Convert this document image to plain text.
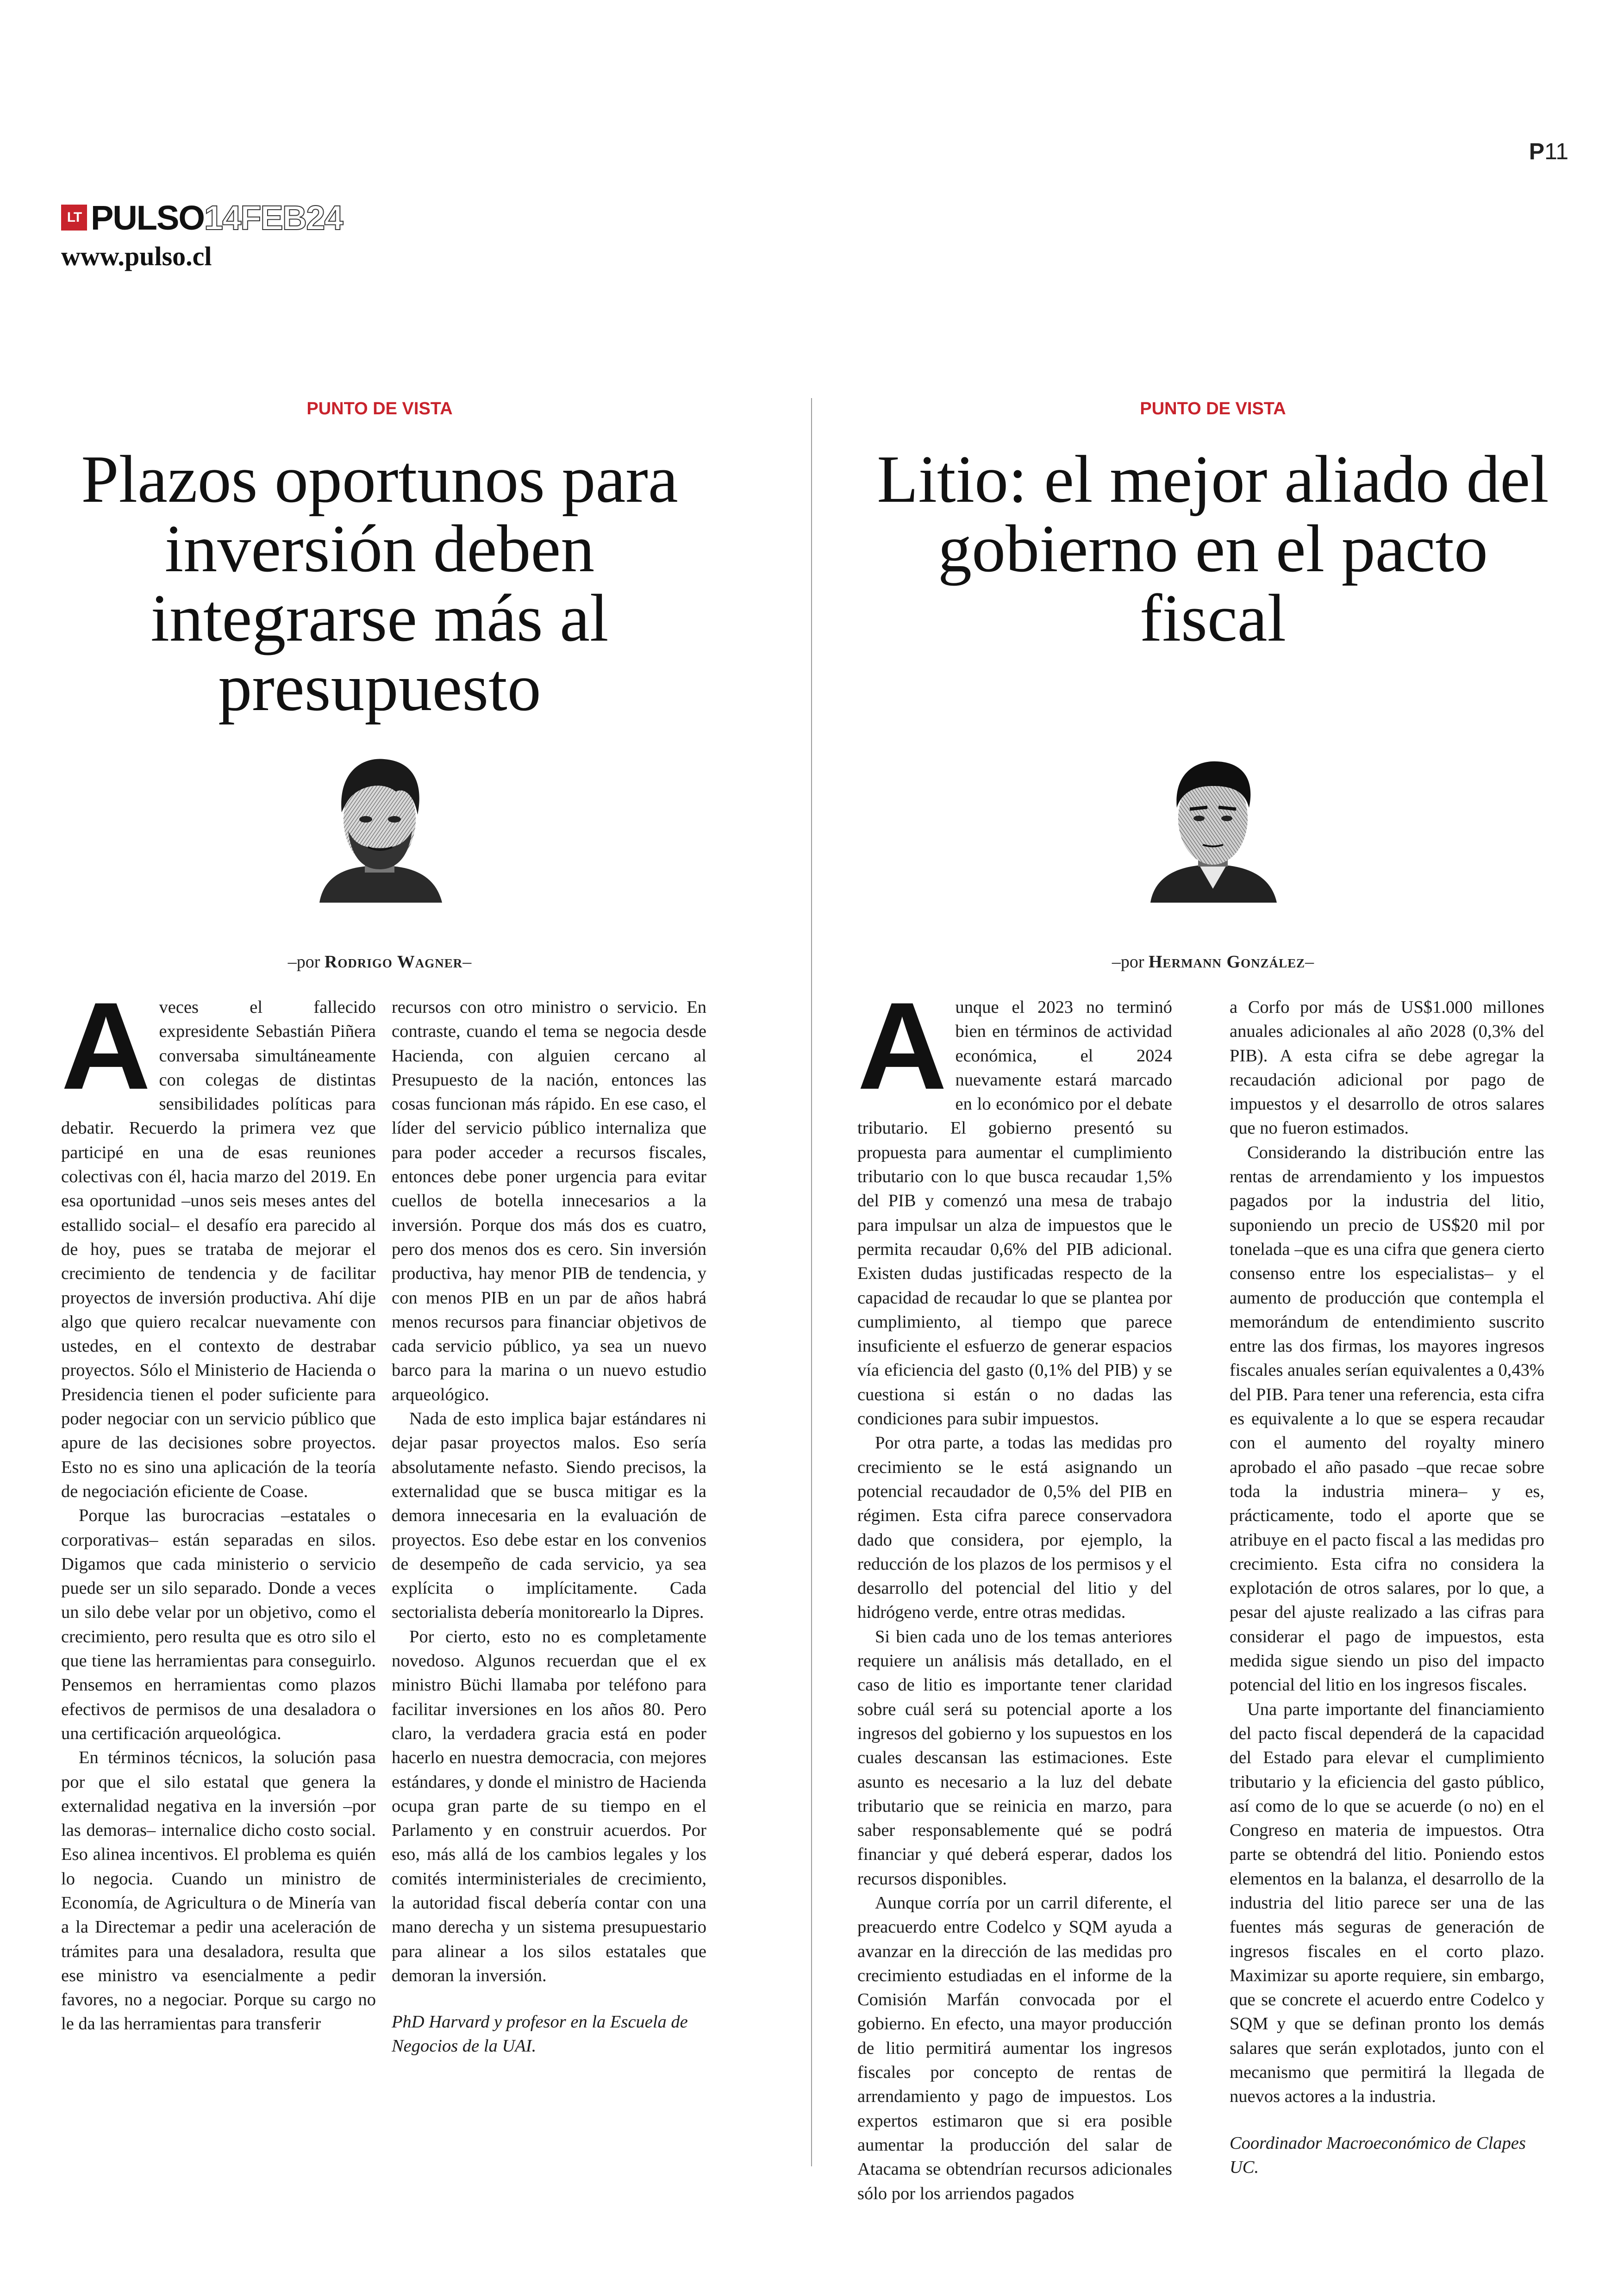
P11
LT PULSO 14FEB24
www.pulso.cl
PUNTO DE VISTA
Plazos oportunos para inversión deben integrarse más al presupuesto
–por Rodrigo Wagner–
A veces el fallecido expresidente Sebastián Piñera conversaba simultáneamente con colegas de distintas sensibilidades políticas para debatir. Recuerdo la primera vez que participé en una de esas reuniones colectivas con él, hacia marzo del 2019. En esa oportunidad –unos seis meses antes del estallido social– el desafío era parecido al de hoy, pues se trataba de mejorar el crecimiento de tendencia y de facilitar proyectos de inversión productiva. Ahí dije algo que quiero recalcar nuevamente con ustedes, en el contexto de destrabar proyectos. Sólo el Ministerio de Hacienda o Presidencia tienen el poder suficiente para poder negociar con un servicio público que apure de las decisiones sobre proyectos. Esto no es sino una aplicación de la teoría de negociación eficiente de Coase.

Porque las burocracias –estatales o corporativas– están separadas en silos. Digamos que cada ministerio o servicio puede ser un silo separado. Donde a veces un silo debe velar por un objetivo, como el crecimiento, pero resulta que es otro silo el que tiene las herramientas para conseguirlo. Pensemos en herramientas como plazos efectivos de permisos de una desaladora o una certificación arqueológica.

En términos técnicos, la solución pasa por que el silo estatal que genera la externalidad negativa en la inversión –por las demoras– internalice dicho costo social. Eso alinea incentivos. El problema es quién lo negocia. Cuando un ministro de Economía, de Agricultura o de Minería van a la Directemar a pedir una aceleración de trámites para una desaladora, resulta que ese ministro va esencialmente a pedir favores, no a negociar. Porque su cargo no le da las herramientas para transferir

recursos con otro ministro o servicio. En contraste, cuando el tema se negocia desde Hacienda, con alguien cercano al Presupuesto de la nación, entonces las cosas funcionan más rápido. En ese caso, el líder del servicio público internaliza que para poder acceder a recursos fiscales, entonces debe poner urgencia para evitar cuellos de botella innecesarios a la inversión. Porque dos más dos es cuatro, pero dos menos dos es cero. Sin inversión productiva, hay menor PIB de tendencia, y con menos PIB en un par de años habrá menos recursos para financiar objetivos de cada servicio público, ya sea un nuevo barco para la marina o un nuevo estudio arqueológico.

Nada de esto implica bajar estándares ni dejar pasar proyectos malos. Eso sería absolutamente nefasto. Siendo precisos, la externalidad que se busca mitigar es la demora innecesaria en la evaluación de proyectos. Eso debe estar en los convenios de desempeño de cada servicio, ya sea explícita o implícitamente. Cada sectorialista debería monitorearlo la Dipres.

Por cierto, esto no es completamente novedoso. Algunos recuerdan que el ex ministro Büchi llamaba por teléfono para facilitar inversiones en los años 80. Pero claro, la verdadera gracia está en poder hacerlo en nuestra democracia, con mejores estándares, y donde el ministro de Hacienda ocupa gran parte de su tiempo en el Parlamento y en construir acuerdos. Por eso, más allá de los cambios legales y los comités interministeriales de crecimiento, la autoridad fiscal debería contar con una mano derecha y un sistema presupuestario para alinear a los silos estatales que demoran la inversión.

PhD Harvard y profesor en la Escuela de Negocios de la UAI.

PUNTO DE VISTA
Litio: el mejor aliado del gobierno en el pacto fiscal
–por Hermann González–
A unque el 2023 no terminó bien en términos de actividad económica, el 2024 nuevamente estará marcado en lo económico por el debate tributario. El gobierno presentó su propuesta para aumentar el cumplimiento tributario con lo que busca recaudar 1,5% del PIB y comenzó una mesa de trabajo para impulsar un alza de impuestos que le permita recaudar 0,6% del PIB adicional. Existen dudas justificadas respecto de la capacidad de recaudar lo que se plantea por cumplimiento, al tiempo que parece insuficiente el esfuerzo de generar espacios vía eficiencia del gasto (0,1% del PIB) y se cuestiona si están o no dadas las condiciones para subir impuestos.

Por otra parte, a todas las medidas pro crecimiento se le está asignando un potencial recaudador de 0,5% del PIB en régimen. Esta cifra parece conservadora dado que considera, por ejemplo, la reducción de los plazos de los permisos y el desarrollo del potencial del litio y del hidrógeno verde, entre otras medidas.

Si bien cada uno de los temas anteriores requiere un análisis más detallado, en el caso de litio es importante tener claridad sobre cuál será su potencial aporte a los ingresos del gobierno y los supuestos en los cuales descansan las estimaciones. Este asunto es necesario a la luz del debate tributario que se reinicia en marzo, para saber responsablemente qué se podrá financiar y qué deberá esperar, dados los recursos disponibles.

Aunque corría por un carril diferente, el preacuerdo entre Codelco y SQM ayuda a avanzar en la dirección de las medidas pro crecimiento estudiadas en el informe de la Comisión Marfán convocada por el gobierno. En efecto, una mayor producción de litio permitirá aumentar los ingresos fiscales por concepto de rentas de arrendamiento y pago de impuestos. Los expertos estimaron que si era posible aumentar la producción del salar de Atacama se obtendrían recursos adicionales sólo por los arriendos pagados

a Corfo por más de US$1.000 millones anuales adicionales al año 2028 (0,3% del PIB). A esta cifra se debe agregar la recaudación adicional por pago de impuestos y el desarrollo de otros salares que no fueron estimados.

Considerando la distribución entre las rentas de arrendamiento y los impuestos pagados por la industria del litio, suponiendo un precio de US$20 mil por tonelada –que es una cifra que genera cierto consenso entre los especialistas– y el aumento de producción que contempla el memorándum de entendimiento suscrito entre las dos firmas, los mayores ingresos fiscales anuales serían equivalentes a 0,43% del PIB. Para tener una referencia, esta cifra es equivalente a lo que se espera recaudar con el aumento del royalty minero aprobado el año pasado –que recae sobre toda la industria minera– y es, prácticamente, todo el aporte que se atribuye en el pacto fiscal a las medidas pro crecimiento. Esta cifra no considera la explotación de otros salares, por lo que, a pesar del ajuste realizado a las cifras para considerar el pago de impuestos, esta medida sigue siendo un piso del impacto potencial del litio en los ingresos fiscales.

Una parte importante del financiamiento del pacto fiscal dependerá de la capacidad del Estado para elevar el cumplimiento tributario y la eficiencia del gasto público, así como de lo que se acuerde (o no) en el Congreso en materia de impuestos. Otra parte se obtendrá del litio. Poniendo estos elementos en la balanza, el desarrollo de la industria del litio parece ser una de las fuentes más seguras de generación de ingresos fiscales en el corto plazo. Maximizar su aporte requiere, sin embargo, que se concrete el acuerdo entre Codelco y SQM y que se definan pronto los demás salares que serán explotados, junto con el mecanismo que permitirá la llegada de nuevos actores a la industria.

Coordinador Macroeconómico de Clapes UC.
